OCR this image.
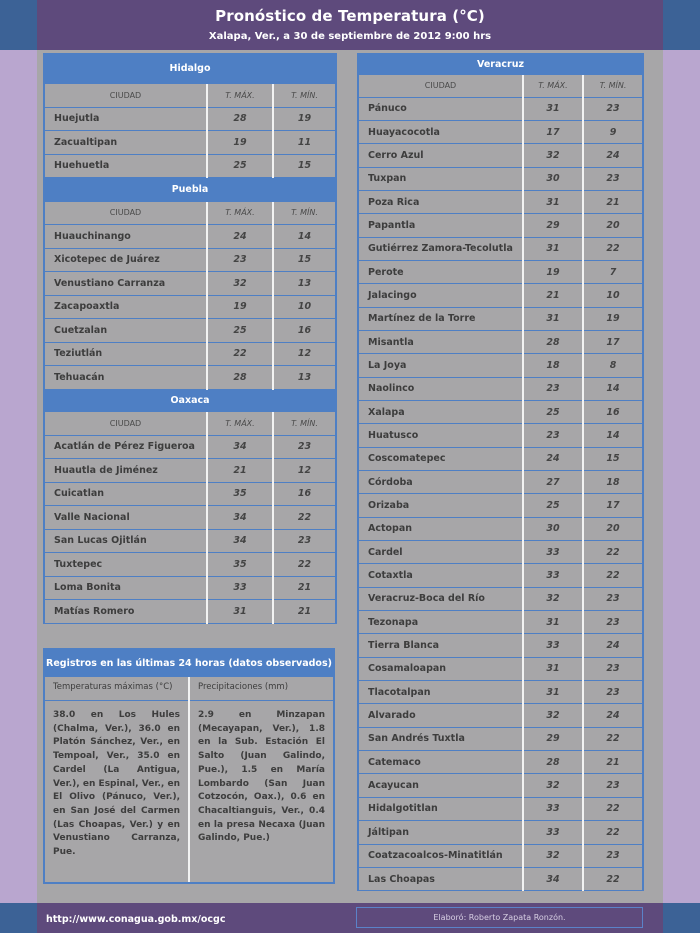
Pronóstico de Temperatura (°C)
Xalapa, Ver., a 30 de septiembre de 2012 9:00 hrs
Hidalgo		
CIUDAD	T. MÁX.	T. MÍN.
Huejutla	28	19
Zacualtipan	19	11
Huehuetla	25	15
Puebla		
CIUDAD	T. MÁX.	T. MÍN.
Huauchinango	24	14
Xicotepec de Juárez	23	15
Venustiano Carranza	32	13
Zacapoaxtla	19	10
Cuetzalan	25	16
Teziutlán	22	12
Tehuacán	28	13
Oaxaca		
CIUDAD	T. MÁX.	T. MÍN.
Acatlán de Pérez Figueroa	34	23
Huautla de Jiménez	21	12
Cuicatlan	35	16
Valle Nacional	34	22
San Lucas Ojitlán	34	23
Tuxtepec	35	22
Loma Bonita	33	21
Matías Romero	31	21
Veracruz		
CIUDAD	T. MÁX.	T. MÍN.
Pánuco	31	23
Huayacocotla	17	9
Cerro Azul	32	24
Tuxpan	30	23
Poza Rica	31	21
Papantla	29	20
Gutiérrez Zamora-Tecolutla	31	22
Perote	19	7
Jalacingo	21	10
Martínez de la Torre	31	19
Misantla	28	17
La Joya	18	8
Naolinco	23	14
Xalapa	25	16
Huatusco	23	14
Coscomatepec	24	15
Córdoba	27	18
Orizaba	25	17
Actopan	30	20
Cardel	33	22
Cotaxtla	33	22
Veracruz-Boca del Río	32	23
Tezonapa	31	23
Tierra Blanca	33	24
Cosamaloapan	31	23
Tlacotalpan	31	23
Alvarado	32	24
San Andrés Tuxtla	29	22
Catemaco	28	21
Acayucan	32	23
Hidalgotitlan	33	22
Jáltipan	33	22
Coatzacoalcos-Minatitlán	32	23
Las Choapas	34	22
Registros en las últimas 24 horas (datos observados)
Temperaturas máximas (°C)
38.0 en Los Hules (Chalma, Ver.), 36.0 en Platón Sánchez, Ver., en Tempoal, Ver., 35.0 en Cardel (La Antigua, Ver.), en Espinal, Ver., en El Olivo (Pánuco, Ver.), en San José del Carmen (Las Choapas, Ver.) y en Venustiano Carranza, Pue.
Precipitaciones (mm)
2.9 en Minzapan (Mecayapan, Ver.), 1.8 en la Sub. Estación El Salto (Juan Galindo, Pue.), 1.5 en María Lombardo (San Juan Cotzocón, Oax.), 0.6 en Chacaltianguis, Ver., 0.4 en la presa Necaxa (Juan Galindo, Pue.)
http://www.conagua.gob.mx/ocgc	Elaboró: Roberto Zapata Ronzón.
